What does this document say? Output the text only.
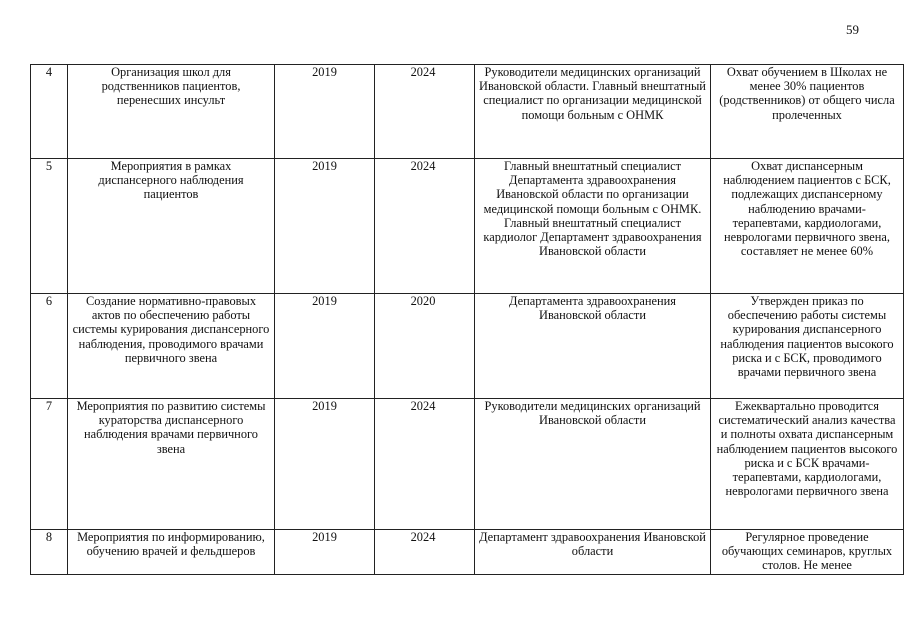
59
4	Организация школ для родственников пациентов, перенесших инсульт	2019	2024	Руководители медицинских организаций Ивановской области. Главный внештатный специалист по организации медицинской помощи больным с ОНМК	Охват обучением в Школах не менее 30% пациентов (родственников) от общего числа пролеченных
5	Мероприятия в рамках диспансерного наблюдения пациентов	2019	2024	Главный внештатный специалист Департамента здравоохранения Ивановской области по организации медицинской помощи больным с ОНМК. Главный внештатный специалист кардиолог Департамент здравоохранения Ивановской области	Охват диспансерным наблюдением пациентов с БСК, подлежащих диспансерному наблюдению врачами-терапевтами, кардиологами, неврологами первичного звена, составляет не менее 60%
6	Создание нормативно-правовых актов по обеспечению работы системы курирования диспансерного наблюдения, проводимого врачами первичного звена	2019	2020	Департамента здравоохранения Ивановской области	Утвержден приказ по обеспечению работы системы курирования диспансерного наблюдения пациентов высокого риска и с БСК, проводимого врачами первичного звена
7	Мероприятия по развитию системы кураторства диспансерного наблюдения врачами первичного звена	2019	2024	Руководители медицинских организаций Ивановской области	Ежеквартально проводится систематический анализ качества и полноты охвата диспансерным наблюдением пациентов высокого риска и с БСК врачами-терапевтами, кардиологами, неврологами первичного звена
8	Мероприятия по информированию, обучению врачей и фельдшеров	2019	2024	Департамент здравоохранения Ивановской области	Регулярное проведение обучающих семинаров, круглых столов. Не менее
